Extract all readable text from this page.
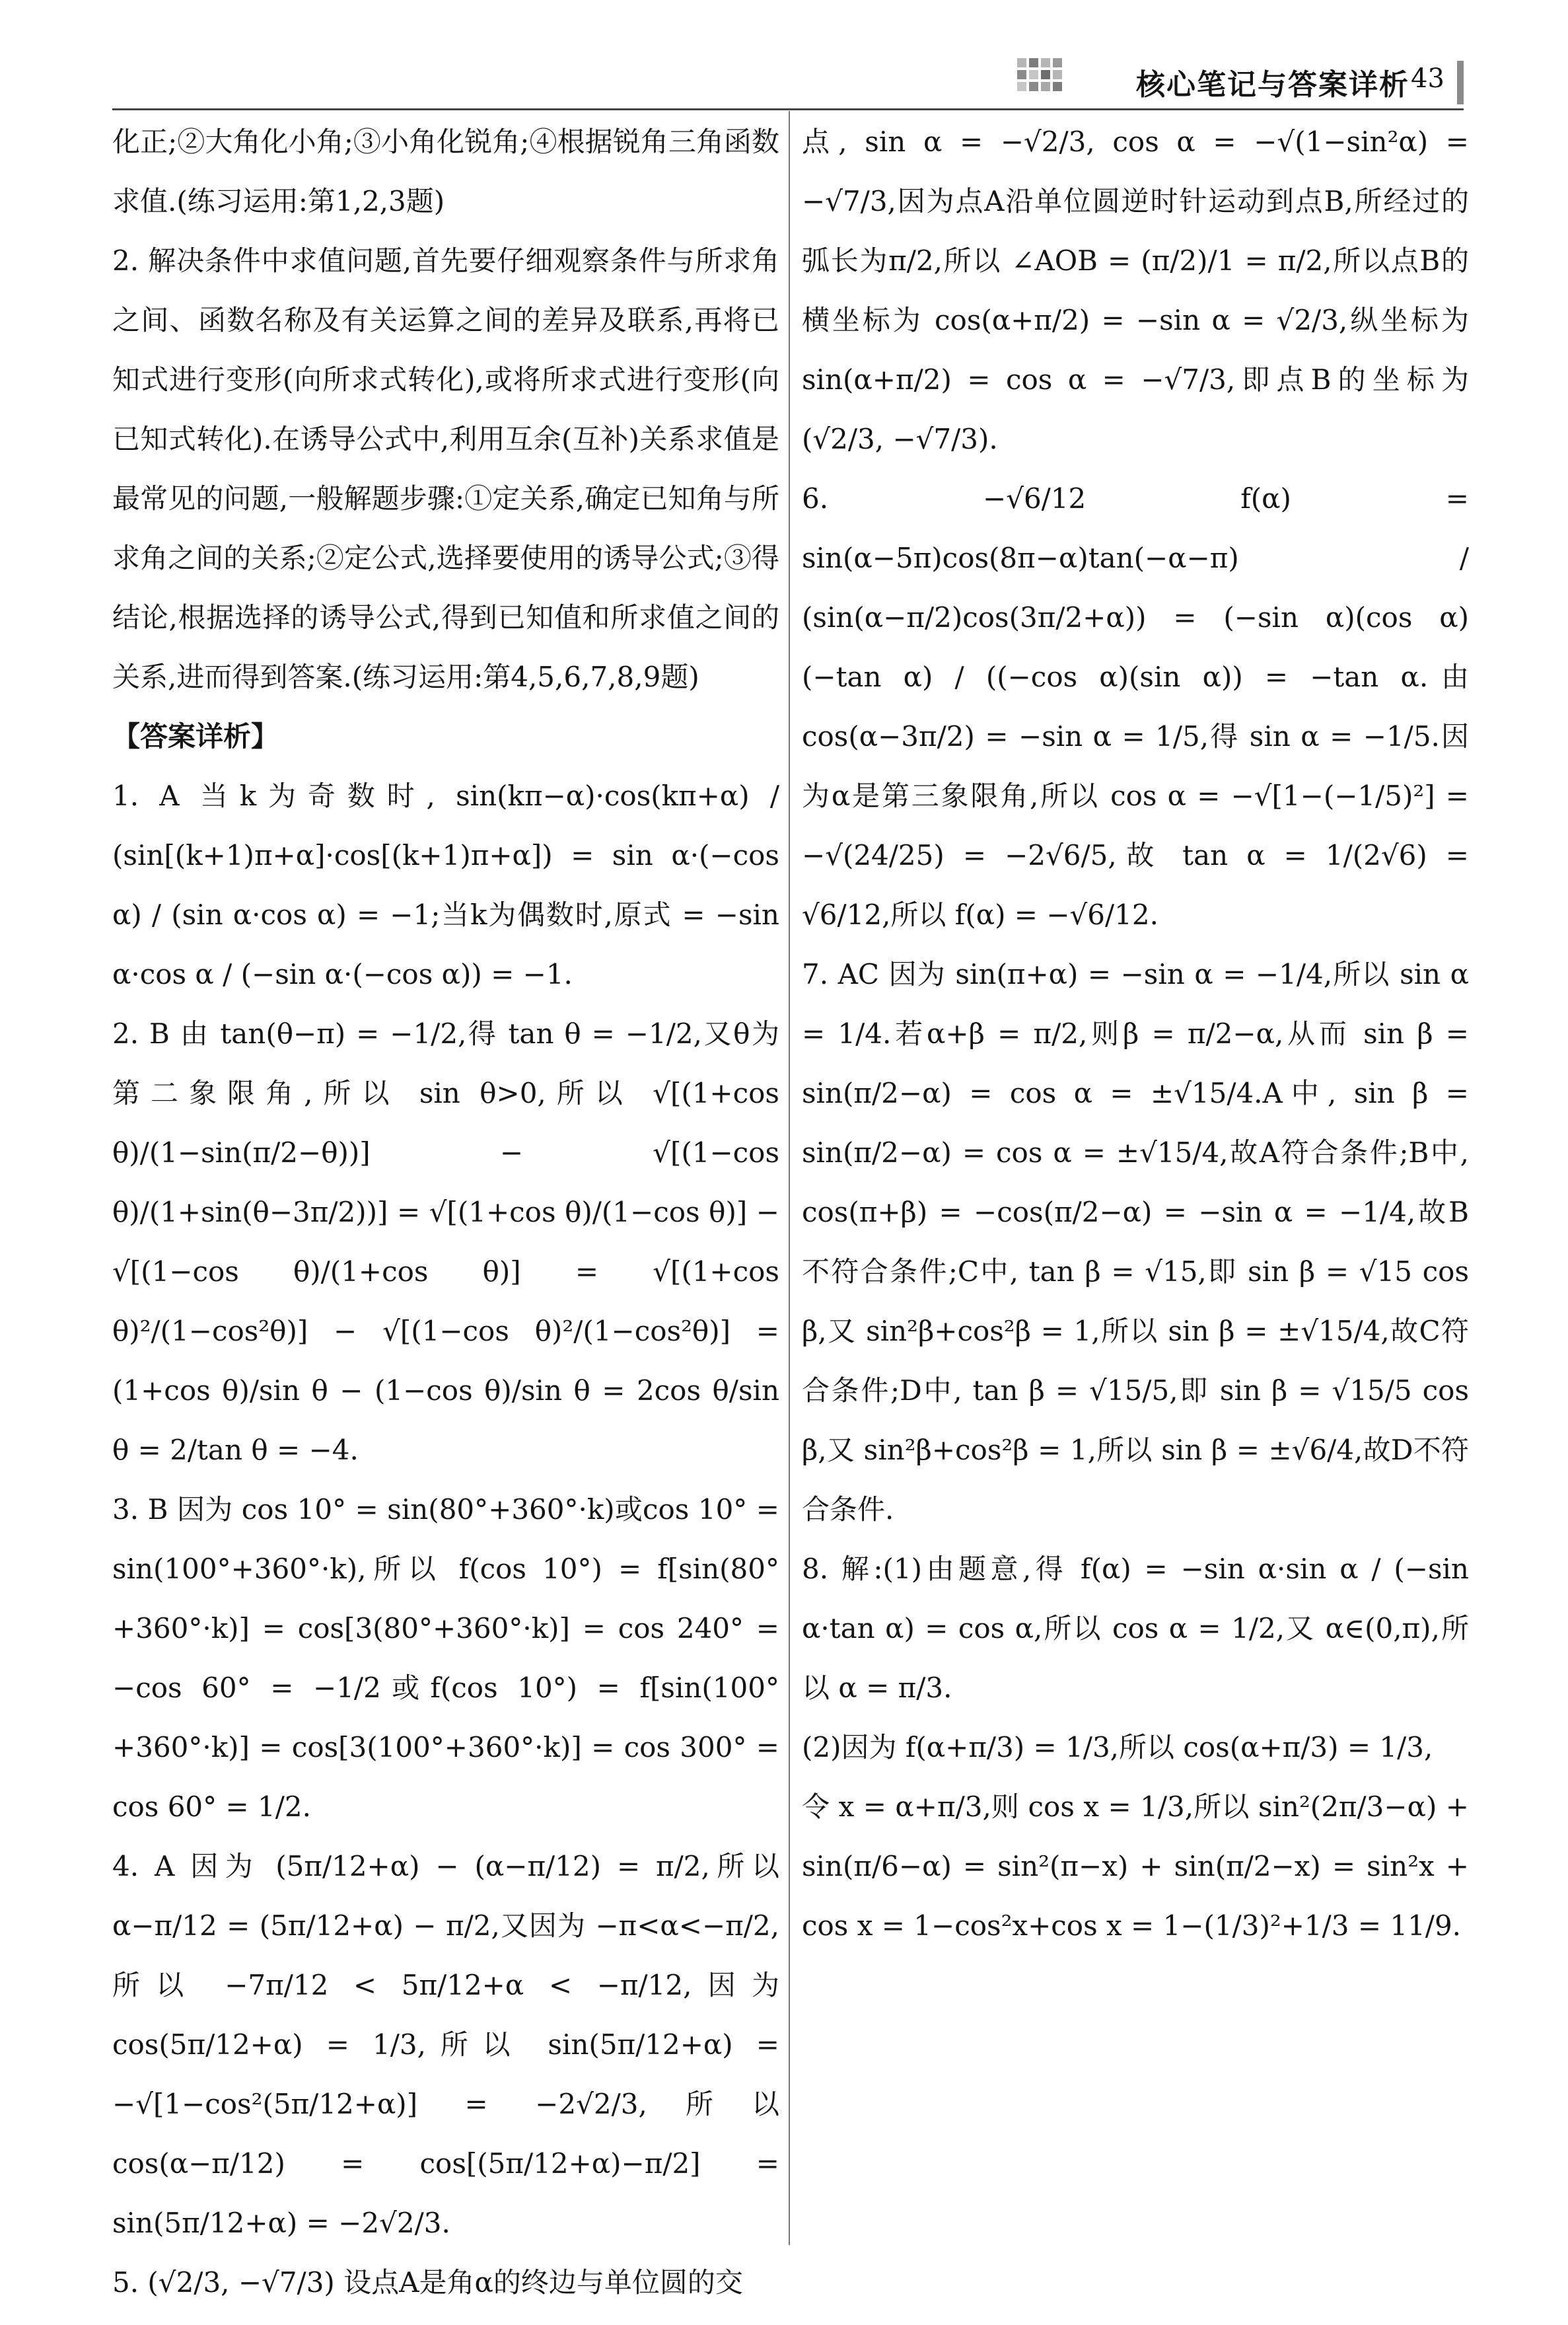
核心笔记与答案详析 43

化正;②大角化小角;③小角化锐角;④根据锐角三角函数求值.(练习运用:第1,2,3题)

2. 解决条件中求值问题,首先要仔细观察条件与所求角之间、函数名称及有关运算之间的差异及联系,再将已知式进行变形(向所求式转化),或将所求式进行变形(向已知式转化).在诱导公式中,利用互余(互补)关系求值是最常见的问题,一般解题步骤:①定关系,确定已知角与所求角之间的关系;②定公式,选择要使用的诱导公式;③得结论,根据选择的诱导公式,得到已知值和所求值之间的关系,进而得到答案.(练习运用:第4,5,6,7,8,9题)

【答案详析】

1. A 当k为奇数时, sin(kπ−α)·cos(kπ+α) / (sin[(k+1)π+α]·cos[(k+1)π+α]) = sin α·(−cos α) / (sin α·cos α) = −1;当k为偶数时,原式 = −sin α·cos α / (−sin α·(−cos α)) = −1.

2. B 由 tan(θ−π) = −1/2,得 tan θ = −1/2,又θ为第二象限角,所以 sin θ>0,所以 √[(1+cos θ)/(1−sin(π/2−θ))] − √[(1−cos θ)/(1+sin(θ−3π/2))] = √[(1+cos θ)/(1−cos θ)] − √[(1−cos θ)/(1+cos θ)] = √[(1+cos θ)²/(1−cos²θ)] − √[(1−cos θ)²/(1−cos²θ)] = (1+cos θ)/sin θ − (1−cos θ)/sin θ = 2cos θ/sin θ = 2/tan θ = −4.

3. B 因为 cos 10° = sin(80°+360°·k)或cos 10° = sin(100°+360°·k),所以 f(cos 10°) = f[sin(80°+360°·k)] = cos[3(80°+360°·k)] = cos 240° = −cos 60° = −1/2或f(cos 10°) = f[sin(100°+360°·k)] = cos[3(100°+360°·k)] = cos 300° = cos 60° = 1/2.

4. A 因为 (5π/12+α) − (α−π/12) = π/2,所以 α−π/12 = (5π/12+α) − π/2,又因为 −π<α<−π/2,所以 −7π/12 < 5π/12+α < −π/12,因为 cos(5π/12+α) = 1/3,所以 sin(5π/12+α) = −√[1−cos²(5π/12+α)] = −2√2/3,所以 cos(α−π/12) = cos[(5π/12+α)−π/2] = sin(5π/12+α) = −2√2/3.

5. (√2/3, −√7/3) 设点A是角α的终边与单位圆的交

点, sin α = −√2/3, cos α = −√(1−sin²α) = −√7/3,因为点A沿单位圆逆时针运动到点B,所经过的弧长为π/2,所以 ∠AOB = (π/2)/1 = π/2,所以点B的横坐标为 cos(α+π/2) = −sin α = √2/3,纵坐标为 sin(α+π/2) = cos α = −√7/3,即点B的坐标为(√2/3, −√7/3).

6. −√6/12 f(α) = sin(α−5π)cos(8π−α)tan(−α−π) / (sin(α−π/2)cos(3π/2+α)) = (−sin α)(cos α)(−tan α) / ((−cos α)(sin α)) = −tan α.由 cos(α−3π/2) = −sin α = 1/5,得 sin α = −1/5.因为α是第三象限角,所以 cos α = −√[1−(−1/5)²] = −√(24/25) = −2√6/5,故 tan α = 1/(2√6) = √6/12,所以 f(α) = −√6/12.

7. AC 因为 sin(π+α) = −sin α = −1/4,所以 sin α = 1/4.若α+β = π/2,则β = π/2−α,从而 sin β = sin(π/2−α) = cos α = ±√15/4.A中, sin β = sin(π/2−α) = cos α = ±√15/4,故A符合条件;B中, cos(π+β) = −cos(π/2−α) = −sin α = −1/4,故B不符合条件;C中, tan β = √15,即 sin β = √15 cos β,又 sin²β+cos²β = 1,所以 sin β = ±√15/4,故C符合条件;D中, tan β = √15/5,即 sin β = √15/5 cos β,又 sin²β+cos²β = 1,所以 sin β = ±√6/4,故D不符合条件.

8. 解:(1)由题意,得 f(α) = −sin α·sin α / (−sin α·tan α) = cos α,所以 cos α = 1/2,又 α∈(0,π),所以 α = π/3.

(2)因为 f(α+π/3) = 1/3,所以 cos(α+π/3) = 1/3,

令 x = α+π/3,则 cos x = 1/3,所以 sin²(2π/3−α) + sin(π/6−α) = sin²(π−x) + sin(π/2−x) = sin²x + cos x = 1−cos²x+cos x = 1−(1/3)²+1/3 = 11/9.
